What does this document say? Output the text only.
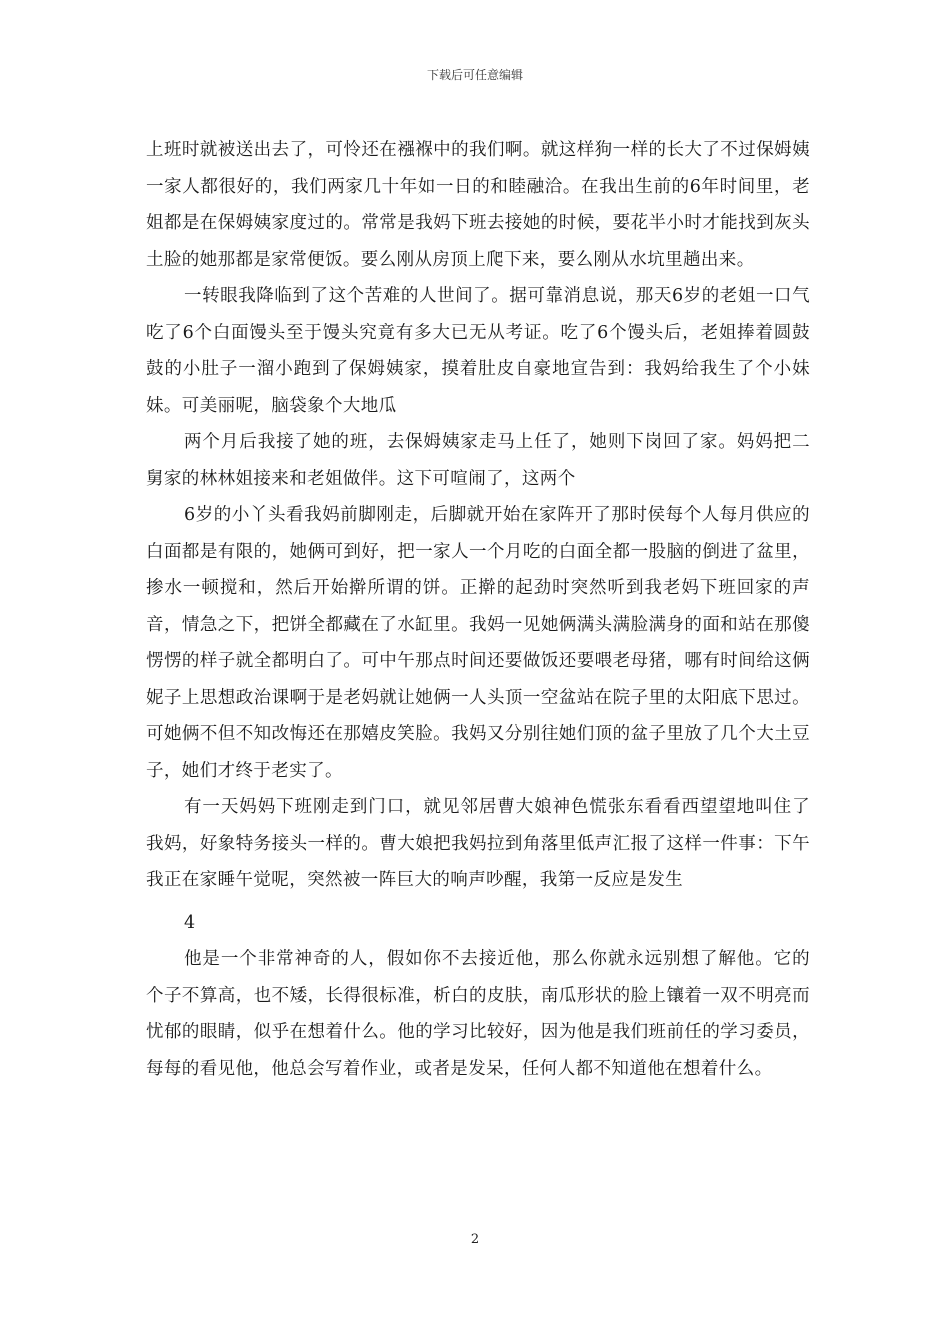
下载后可任意编辑

上班时就被送出去了，可怜还在襁褓中的我们啊。就这样狗一样的长大了不过保姆姨一家人都很好的，我们两家几十年如一日的和睦融洽。在我出生前的6年时间里，老姐都是在保姆姨家度过的。常常是我妈下班去接她的时候，要花半小时才能找到灰头土脸的她那都是家常便饭。要么刚从房顶上爬下来，要么刚从水坑里趟出来。

一转眼我降临到了这个苦难的人世间了。据可靠消息说，那天6岁的老姐一口气吃了6个白面馒头至于馒头究竟有多大已无从考证。吃了6个馒头后，老姐捧着圆鼓鼓的小肚子一溜小跑到了保姆姨家，摸着肚皮自豪地宣告到：我妈给我生了个小妹妹。可美丽呢，脑袋象个大地瓜

两个月后我接了她的班，去保姆姨家走马上任了，她则下岗回了家。妈妈把二舅家的林林姐接来和老姐做伴。这下可喧闹了，这两个

6岁的小丫头看我妈前脚刚走，后脚就开始在家阵开了那时侯每个人每月供应的白面都是有限的，她俩可到好，把一家人一个月吃的白面全都一股脑的倒进了盆里，掺水一顿搅和，然后开始擀所谓的饼。正擀的起劲时突然听到我老妈下班回家的声音，情急之下，把饼全都藏在了水缸里。我妈一见她俩满头满脸满身的面和站在那傻愣愣的样子就全都明白了。可中午那点时间还要做饭还要喂老母猪，哪有时间给这俩妮子上思想政治课啊于是老妈就让她俩一人头顶一空盆站在院子里的太阳底下思过。可她俩不但不知改悔还在那嬉皮笑脸。我妈又分别往她们顶的盆子里放了几个大土豆子，她们才终于老实了。

有一天妈妈下班刚走到门口，就见邻居曹大娘神色慌张东看看西望望地叫住了我妈，好象特务接头一样的。曹大娘把我妈拉到角落里低声汇报了这样一件事：下午我正在家睡午觉呢，突然被一阵巨大的响声吵醒，我第一反应是发生

4

他是一个非常神奇的人，假如你不去接近他，那么你就永远别想了解他。它的个子不算高，也不矮，长得很标准，析白的皮肤，南瓜形状的脸上镶着一双不明亮而忧郁的眼睛，似乎在想着什么。他的学习比较好，因为他是我们班前任的学习委员，每每的看见他，他总会写着作业，或者是发呆，任何人都不知道他在想着什么。

2
